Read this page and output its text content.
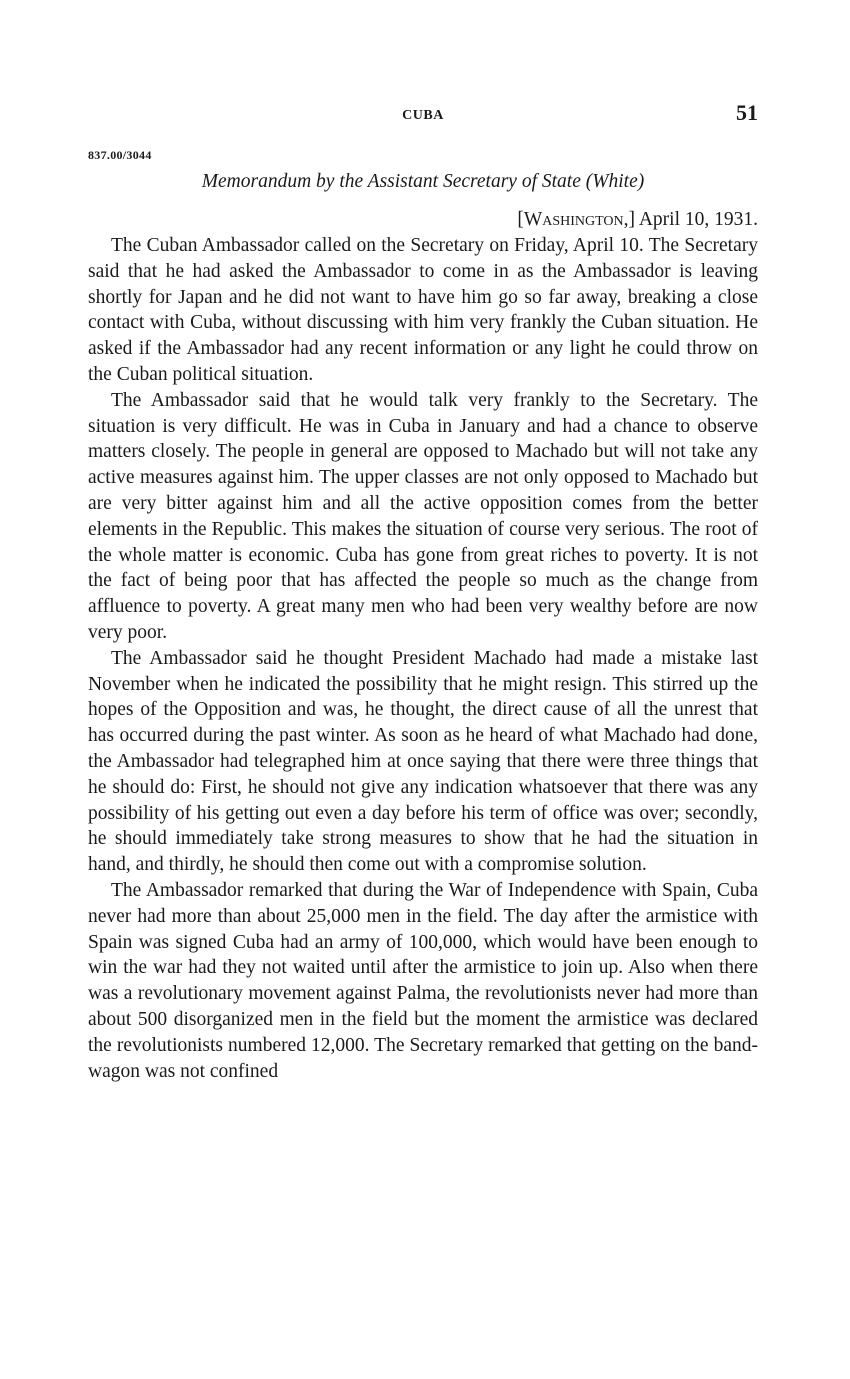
CUBA	51
837.00/3044
Memorandum by the Assistant Secretary of State (White)
[Washington,] April 10, 1931.

The Cuban Ambassador called on the Secretary on Friday, April 10. The Secretary said that he had asked the Ambassador to come in as the Ambassador is leaving shortly for Japan and he did not want to have him go so far away, breaking a close contact with Cuba, without discussing with him very frankly the Cuban situation. He asked if the Ambassador had any recent information or any light he could throw on the Cuban political situation.

The Ambassador said that he would talk very frankly to the Secretary. The situation is very difficult. He was in Cuba in January and had a chance to observe matters closely. The people in general are opposed to Machado but will not take any active measures against him. The upper classes are not only opposed to Machado but are very bitter against him and all the active opposition comes from the better elements in the Republic. This makes the situation of course very serious. The root of the whole matter is economic. Cuba has gone from great riches to poverty. It is not the fact of being poor that has affected the people so much as the change from affluence to poverty. A great many men who had been very wealthy before are now very poor.

The Ambassador said he thought President Machado had made a mistake last November when he indicated the possibility that he might resign. This stirred up the hopes of the Opposition and was, he thought, the direct cause of all the unrest that has occurred during the past winter. As soon as he heard of what Machado had done, the Ambassador had telegraphed him at once saying that there were three things that he should do: First, he should not give any indication whatsoever that there was any possibility of his getting out even a day before his term of office was over; secondly, he should immediately take strong measures to show that he had the situation in hand, and thirdly, he should then come out with a compromise solution.

The Ambassador remarked that during the War of Independence with Spain, Cuba never had more than about 25,000 men in the field. The day after the armistice with Spain was signed Cuba had an army of 100,000, which would have been enough to win the war had they not waited until after the armistice to join up. Also when there was a revolutionary movement against Palma, the revolutionists never had more than about 500 disorganized men in the field but the moment the armistice was declared the revolutionists numbered 12,000. The Secretary remarked that getting on the band-wagon was not confined
